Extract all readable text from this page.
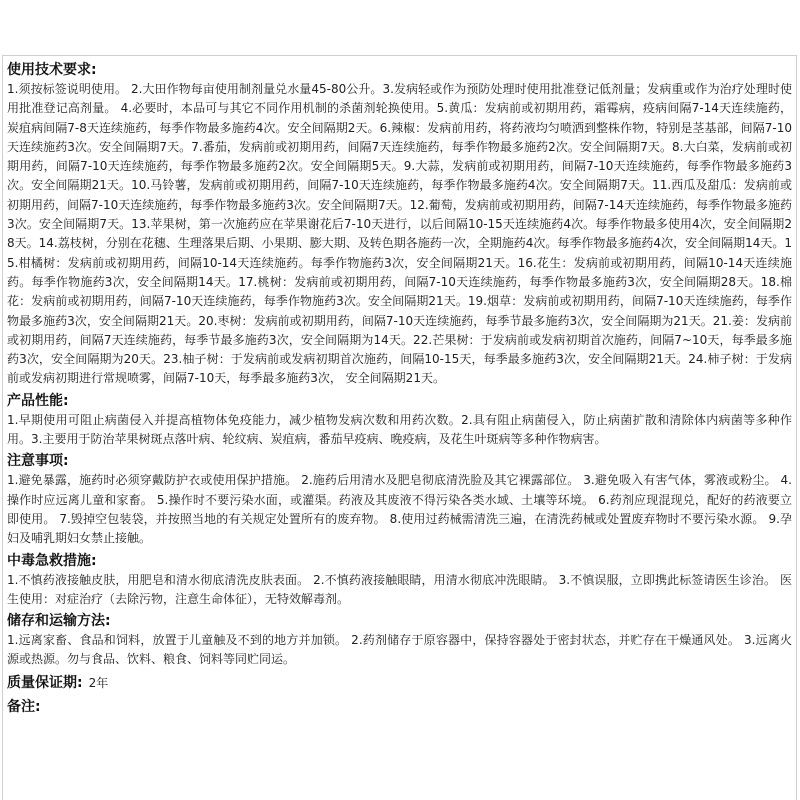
使用技术要求:

1.须按标签说明使用。 2.大田作物每亩使用制剂量兑水量45-80公升。3.发病轻或作为预防处理时使用批准登记低剂量；发病重或作为治疗处理时使用批准登记高剂量。 4.必要时，本品可与其它不同作用机制的杀菌剂轮换使用。5.黄瓜：发病前或初期用药，霜霉病，疫病间隔7-14天连续施药，炭疽病间隔7-8天连续施药，每季作物最多施药4次。安全间隔期2天。6.辣椒：发病前用药，将药液均匀喷洒到整株作物，特别是茎基部，间隔7-10天连续施药3次。安全间隔期7天。7.番茄，发病前或初期用药，间隔7天连续施药，每季作物最多施药2次。安全间隔期7天。8.大白菜，发病前或初期用药，间隔7-10天连续施药，每季作物最多施药2次。安全间隔期5天。9.大蒜，发病前或初期用药，间隔7-10天连续施药，每季作物最多施药3次。安全间隔期21天。10.马铃薯，发病前或初期用药，间隔7-10天连续施药，每季作物最多施药4次。安全间隔期7天。11.西瓜及甜瓜：发病前或初期用药，间隔7-10天连续施药，每季作物最多施药3次。安全间隔期7天。12.葡萄，发病前或初期用药，间隔7-14天连续施药，每季作物最多施药3次。安全间隔期7天。13.苹果树，第一次施药应在苹果谢花后7-10天进行，以后间隔10-15天连续施药4次。每季作物最多使用4次，安全间隔期28天。14.荔枝树，分别在花穗、生理落果后期、小果期、膨大期、及转色期各施药一次，全期施药4次。每季作物最多施药4次，安全间隔期14天。15.柑橘树：发病前或初期用药，间隔10-14天连续施药。每季作物施药3次，安全间隔期21天。16.花生：发病前或初期用药，间隔10-14天连续施药。每季作物施药3次，安全间隔期14天。17.桃树：发病前或初期用药，间隔7-10天连续施药，每季作物最多施药3次，安全间隔期28天。18.棉花：发病前或初期用药，间隔7-10天连续施药，每季作物施药3次。安全间隔期21天。19.烟草：发病前或初期用药，间隔7-10天连续施药，每季作物最多施药3次，安全间隔期21天。20.枣树：发病前或初期用药，间隔7-10天连续施药，每季节最多施药3次，安全间隔期为21天。21.姜：发病前或初期用药，间隔7天连续施药，每季节最多施药3次，安全间隔期为14天。22.芒果树：于发病前或发病初期首次施药，间隔7~10天，每季最多施药3次，安全间隔期为20天。23.柚子树：于发病前或发病初期首次施药，间隔10-15天，每季最多施药3次，安全间隔期21天。24.柿子树：于发病前或发病初期进行常规喷雾，间隔7-10天，每季最多施药3次， 安全间隔期21天。

产品性能:

1.早期使用可阻止病菌侵入并提高植物体免疫能力，减少植物发病次数和用药次数。2.具有阻止病菌侵入，防止病菌扩散和清除体内病菌等多种作用。3.主要用于防治苹果树斑点落叶病、轮纹病、炭疽病，番茄早疫病、晚疫病，及花生叶斑病等多种作物病害。

注意事项:

1.避免暴露，施药时必须穿戴防护衣或使用保护措施。 2.施药后用清水及肥皂彻底清洗脸及其它裸露部位。 3.避免吸入有害气体，雾液或粉尘。 4.操作时应远离儿童和家畜。 5.操作时不要污染水面，或灌渠。药液及其废液不得污染各类水域、土壤等环境。 6.药剂应现混现兑，配好的药液要立即使用。 7.毁掉空包装袋，并按照当地的有关规定处置所有的废弃物。 8.使用过药械需清洗三遍，在清洗药械或处置废弃物时不要污染水源。 9.孕妇及哺乳期妇女禁止接触。

中毒急救措施:

1.不慎药液接触皮肤，用肥皂和清水彻底清洗皮肤表面。 2.不慎药液接触眼睛，用清水彻底冲洗眼睛。 3.不慎误服，立即携此标签请医生诊治。 医生使用：对症治疗（去除污物，注意生命体征），无特效解毒剂。

储存和运输方法:

1.远离家畜、食品和饲料，放置于儿童触及不到的地方并加锁。 2.药剂储存于原容器中，保持容器处于密封状态，并贮存在干燥通风处。 3.远离火源或热源。勿与食品、饮料、粮食、饲料等同贮同运。

质量保证期: 2年
备注:
